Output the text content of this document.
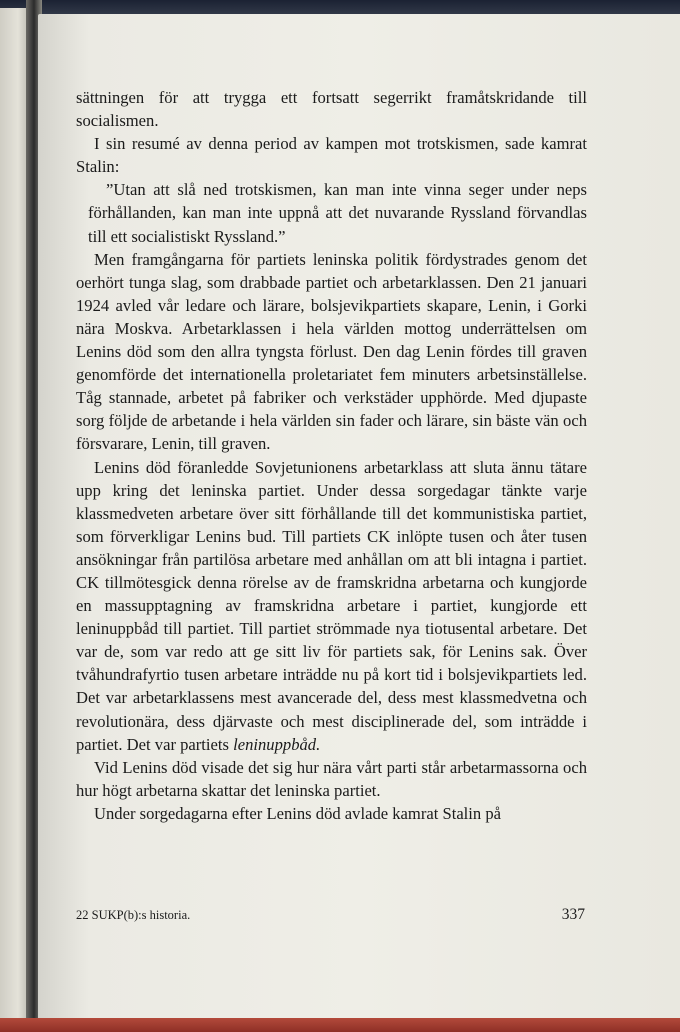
sättningen för att trygga ett fortsatt segerrikt framåtskridande till socialismen.

I sin resumé av denna period av kampen mot trotskismen, sade kamrat Stalin:

”Utan att slå ned trotskismen, kan man inte vinna seger under neps förhållanden, kan man inte uppnå att det nuvarande Ryssland förvandlas till ett socialistiskt Ryssland.”

Men framgångarna för partiets leninska politik fördystrades genom det oerhört tunga slag, som drabbade partiet och arbetarklassen. Den 21 januari 1924 avled vår ledare och lärare, bolsjevikpartiets skapare, Lenin, i Gorki nära Moskva. Arbetarklassen i hela världen mottog underrättelsen om Lenins död som den allra tyngsta förlust. Den dag Lenin fördes till graven genomförde det internationella proletariatet fem minuters arbetsinställelse. Tåg stannade, arbetet på fabriker och verkstäder upphörde. Med djupaste sorg följde de arbetande i hela världen sin fader och lärare, sin bäste vän och försvarare, Lenin, till graven.

Lenins död föranledde Sovjetunionens arbetarklass att sluta ännu tätare upp kring det leninska partiet. Under dessa sorgedagar tänkte varje klassmedveten arbetare över sitt förhållande till det kommunistiska partiet, som förverkligar Lenins bud. Till partiets CK inlöpte tusen och åter tusen ansökningar från partilösa arbetare med anhållan om att bli intagna i partiet. CK tillmötesgick denna rörelse av de framskridna arbetarna och kungjorde en massupptagning av framskridna arbetare i partiet, kungjorde ett leninuppbåd till partiet. Till partiet strömmade nya tiotusental arbetare. Det var de, som var redo att ge sitt liv för partiets sak, för Lenins sak. Över tvåhundrafyrtio tusen arbetare inträdde nu på kort tid i bolsjevikpartiets led. Det var arbetarklassens mest avancerade del, dess mest klassmedvetna och revolutionära, dess djärvaste och mest disciplinerade del, som inträdde i partiet. Det var partiets leninuppbåd.

Vid Lenins död visade det sig hur nära vårt parti står arbetarmassorna och hur högt arbetarna skattar det leninska partiet.

Under sorgedagarna efter Lenins död avlade kamrat Stalin på

22 SUKP(b):s historia.	337
